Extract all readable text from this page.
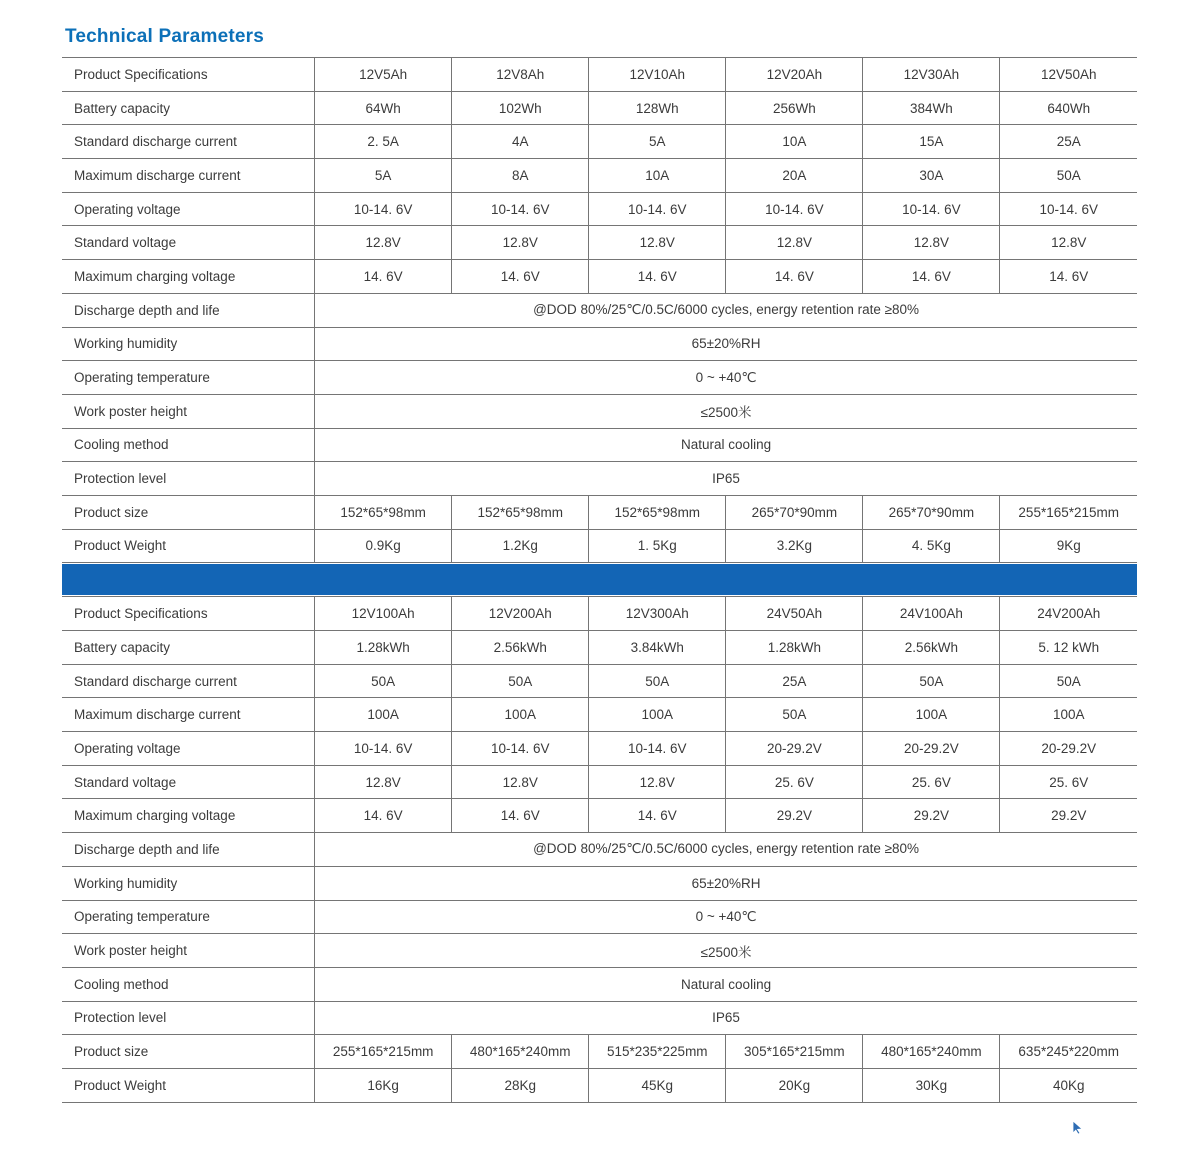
Technical Parameters
Product Specifications	12V5Ah	12V8Ah	12V10Ah	12V20Ah	12V30Ah	12V50Ah
Battery capacity	64Wh	102Wh	128Wh	256Wh	384Wh	640Wh
Standard discharge current	2. 5A	4A	5A	10A	15A	25A
Maximum discharge current	5A	8A	10A	20A	30A	50A
Operating voltage	10-14. 6V	10-14. 6V	10-14. 6V	10-14. 6V	10-14. 6V	10-14. 6V
Standard voltage	12.8V	12.8V	12.8V	12.8V	12.8V	12.8V
Maximum charging voltage	14. 6V	14. 6V	14. 6V	14. 6V	14. 6V	14. 6V
Discharge depth and life	@DOD 80%/25℃/0.5C/6000 cycles, energy retention rate ≥80%					
Working humidity	65±20%RH					
Operating temperature	0 ~ +40℃					
Work poster height	≤2500米					
Cooling method	Natural cooling					
Protection level	IP65					
Product size	152*65*98mm	152*65*98mm	152*65*98mm	265*70*90mm	265*70*90mm	255*165*215mm
Product Weight	0.9Kg	1.2Kg	1. 5Kg	3.2Kg	4. 5Kg	9Kg
Product Specifications	12V100Ah	12V200Ah	12V300Ah	24V50Ah	24V100Ah	24V200Ah
Battery capacity	1.28kWh	2.56kWh	3.84kWh	1.28kWh	2.56kWh	5. 12 kWh
Standard discharge current	50A	50A	50A	25A	50A	50A
Maximum discharge current	100A	100A	100A	50A	100A	100A
Operating voltage	10-14. 6V	10-14. 6V	10-14. 6V	20-29.2V	20-29.2V	20-29.2V
Standard voltage	12.8V	12.8V	12.8V	25. 6V	25. 6V	25. 6V
Maximum charging voltage	14. 6V	14. 6V	14. 6V	29.2V	29.2V	29.2V
Discharge depth and life	@DOD 80%/25℃/0.5C/6000 cycles, energy retention rate ≥80%					
Working humidity	65±20%RH					
Operating temperature	0 ~ +40℃					
Work poster height	≤2500米					
Cooling method	Natural cooling					
Protection level	IP65					
Product size	255*165*215mm	480*165*240mm	515*235*225mm	305*165*215mm	480*165*240mm	635*245*220mm
Product Weight	16Kg	28Kg	45Kg	20Kg	30Kg	40Kg
